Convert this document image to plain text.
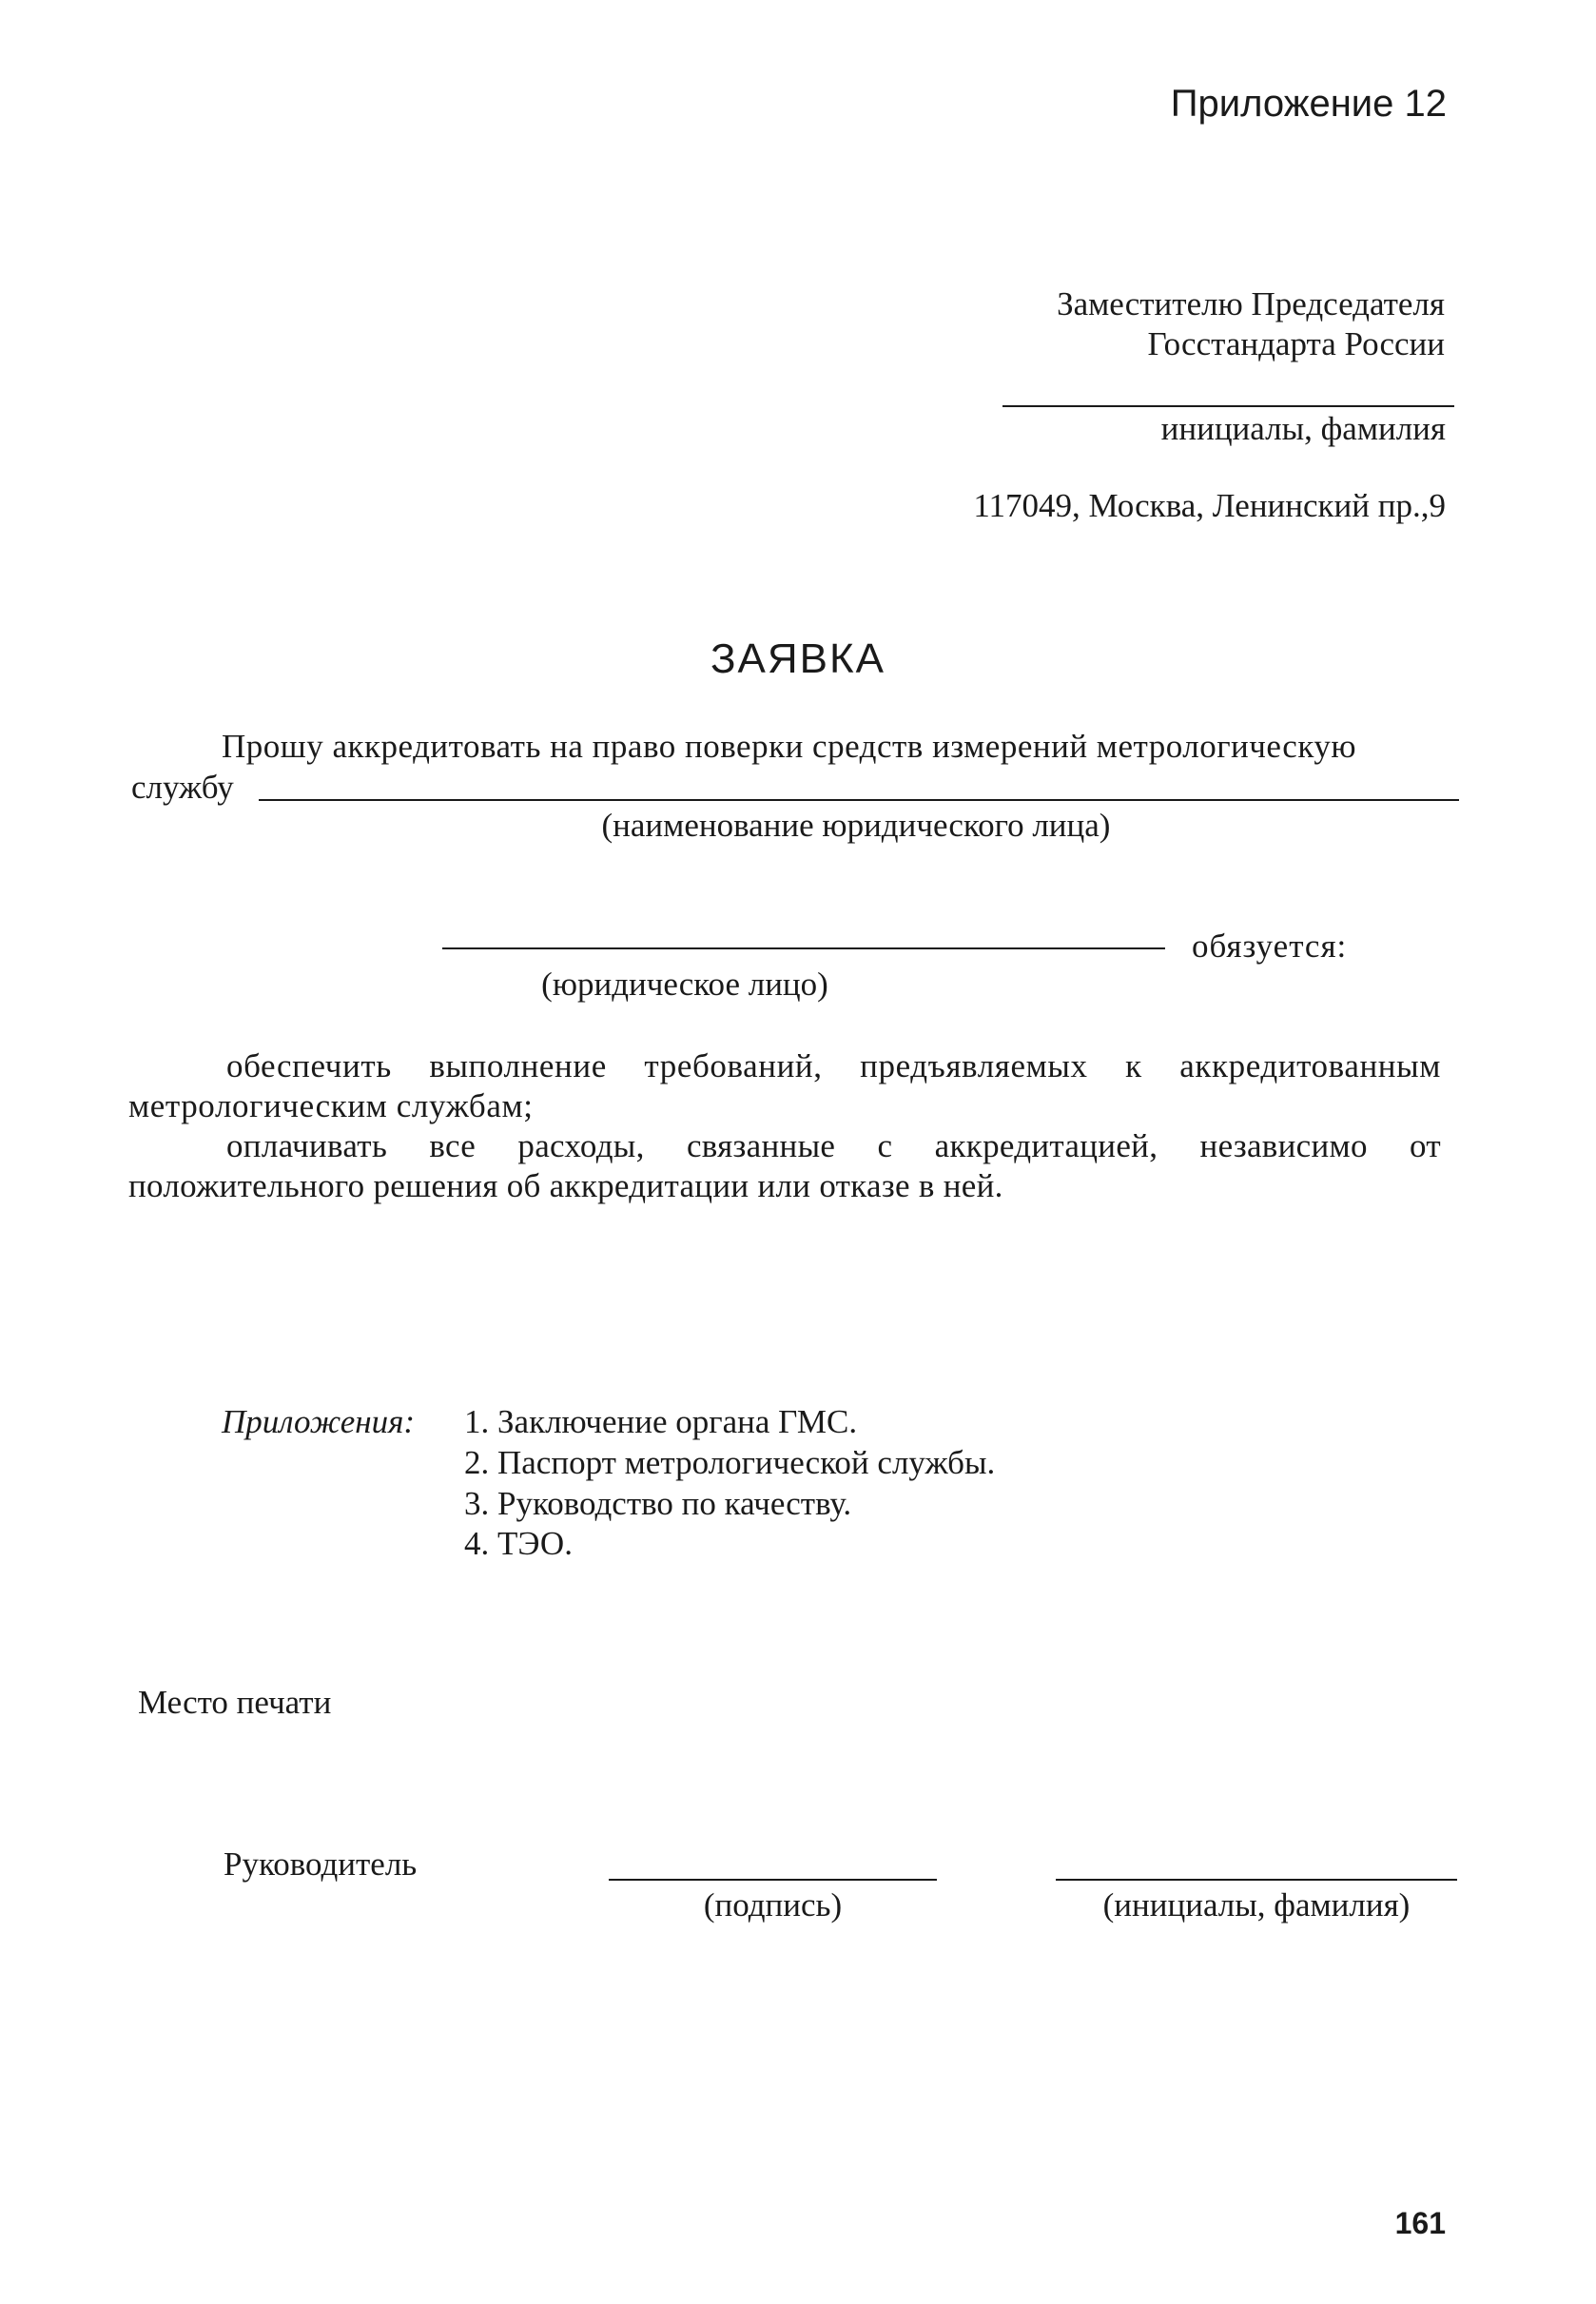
Приложение 12
Заместителю Председателя
Госстандарта России
инициалы, фамилия
117049, Москва, Ленинский пр.,9
ЗАЯВКА
Прошу аккредитовать на право поверки средств измерений метрологическую
службу
(наименование юридического лица)
обязуется:
(юридическое лицо)
обеспечить выполнение требований, предъявляемых к аккредитованным метрологическим службам;
оплачивать все расходы, связанные с аккредитацией, независимо от положительного решения об аккредитации или отказе в ней.
Приложения: 1. Заключение органа ГМС.
2. Паспорт метрологической службы.
3. Руководство по качеству.
4. ТЭО.
Место печати
Руководитель
(подпись)	(инициалы, фамилия)
161
